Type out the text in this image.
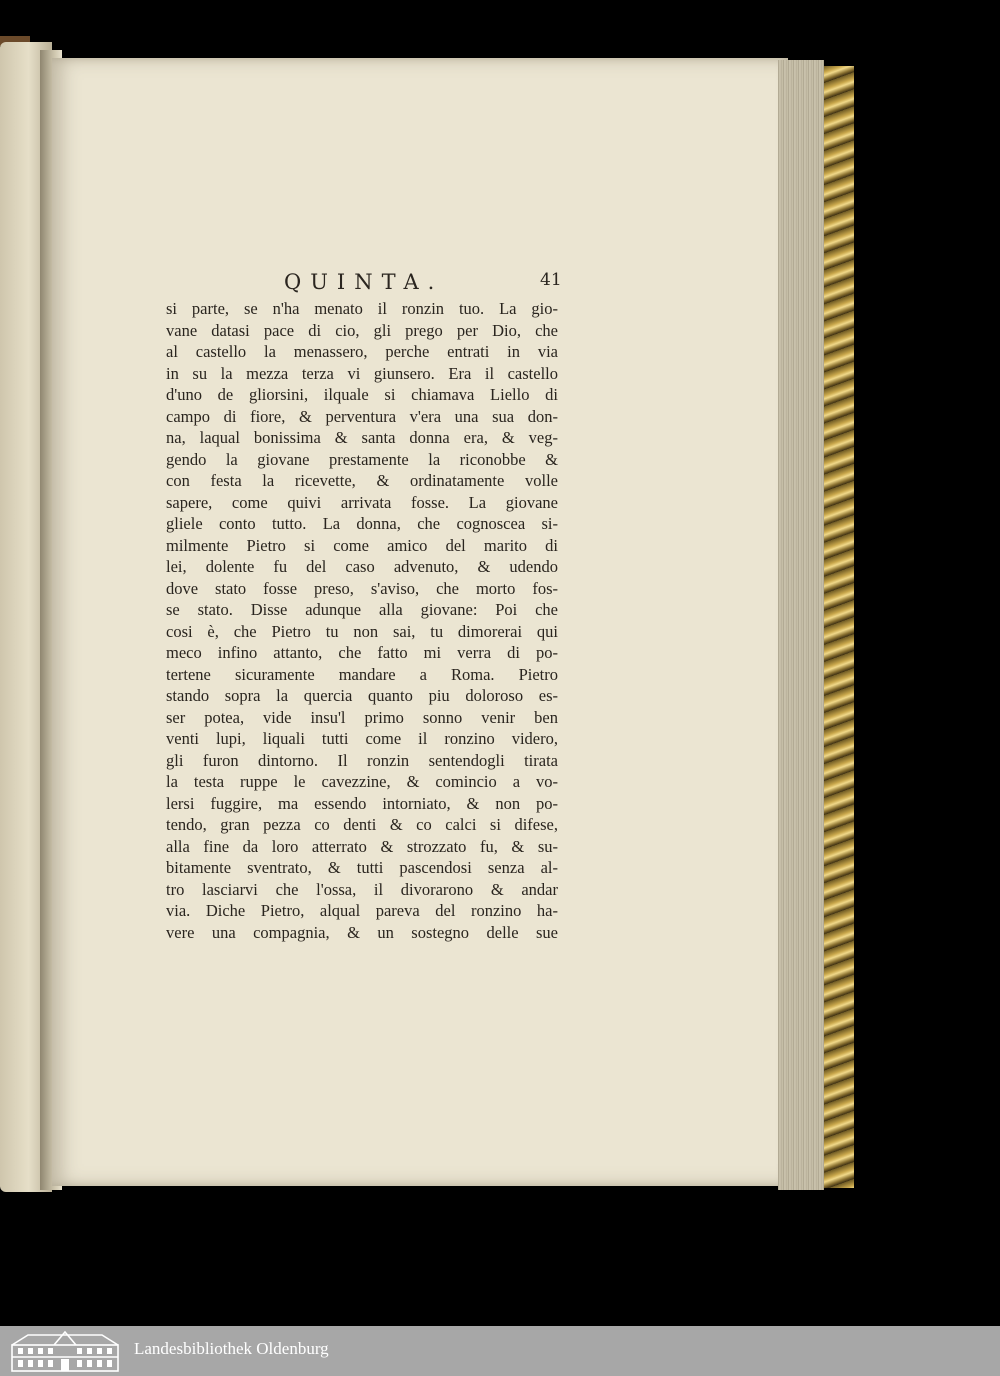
QUINTA.	41
si parte, se n'ha menato il ronzin tuo. La gio-
vane datasi pace di cio, gli prego per Dio, che
al castello la menassero, perche entrati in via
in su la mezza terza vi giunsero. Era il castello
d'uno de gliorsini, ilquale si chiamava Liello di
campo di fiore, & perventura v'era una sua don-
na, laqual bonissima & santa donna era, & veg-
gendo la giovane prestamente la riconobbe &
con festa la ricevette, & ordinatamente volle
sapere, come quivi arrivata fosse. La giovane
gliele conto tutto. La donna, che cognoscea si-
milmente Pietro si come amico del marito di
lei, dolente fu del caso advenuto, & udendo
dove stato fosse preso, s'aviso, che morto fos-
se stato. Disse adunque alla giovane: Poi che
cosi è, che Pietro tu non sai, tu dimorerai qui
meco infino attanto, che fatto mi verra di po-
tertene sicuramente mandare a Roma. Pietro
stando sopra la quercia quanto piu doloroso es-
ser potea, vide insu'l primo sonno venir ben
venti lupi, liquali tutti come il ronzino videro,
gli furon dintorno. Il ronzin sentendogli tirata
la testa ruppe le cavezzine, & comincio a vo-
lersi fuggire, ma essendo intorniato, & non po-
tendo, gran pezza co denti & co calci si difese,
alla fine da loro atterrato & strozzato fu, & su-
bitamente sventrato, & tutti pascendosi senza al-
tro lasciarvi che l'ossa, il divorarono & andar
via. Diche Pietro, alqual pareva del ronzino ha-
vere una compagnia, & un sostegno delle sue
Landesbibliothek Oldenburg
